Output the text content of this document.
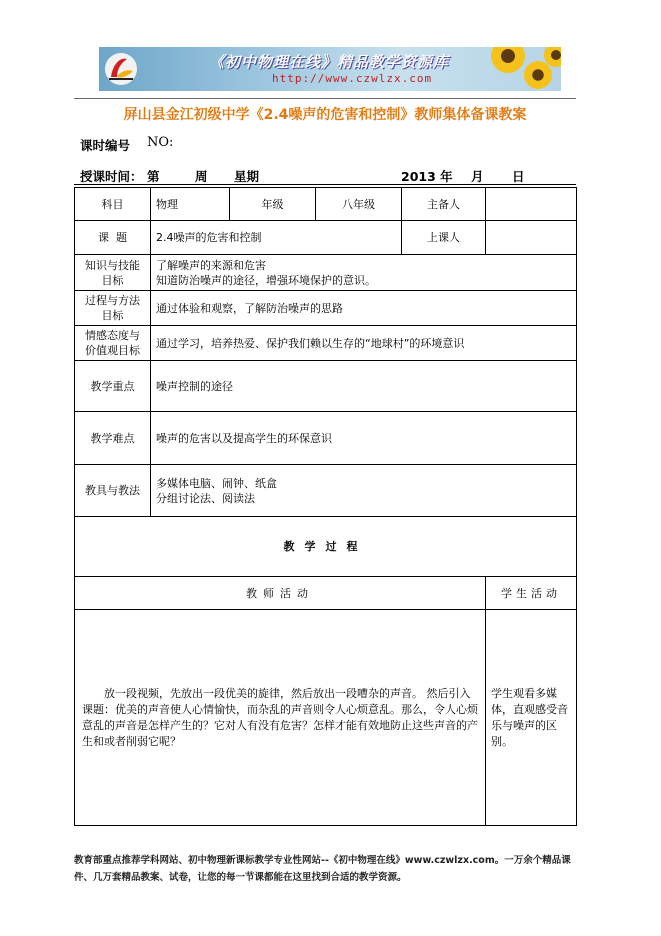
《初中物理在线》精品教学资源库
http://www.czwlzx.com
屏山县金江初级中学《2.4噪声的危害和控制》教师集体备课教案
课时编号 NO:
授课时间： 第	周 星期	2013 年 月 日
科目	物理	年级	八年级	主备人	
课  题	2.4噪声的危害和控制			上课人	
知识与技能目标	了解噪声的来源和危害
知道防治噪声的途径，增强环境保护的意识。				

过程与方法目标	通过体验和观察，了解防治噪声的思路				
情感态度与价值观目标	通过学习，培养热爱、保护我们赖以生存的“地球村”的环境意识				
教学重点	噪声控制的途径				
教学难点	噪声的危害以及提高学生的环保意识				
教具与教法	多媒体电脑、闹钟、纸盒
分组讨论法、阅读法				

教学过程					
教师活动					学生活动

放一段视频，先放出一段优美的旋律，然后放出一段嘈杂的声音。 然后引入课题：优美的声音使人心情愉快，而杂乱的声音则令人心烦意乱。那么，令人心烦意乱的声音是怎样产生的？它对人有没有危害？怎样才能有效地防止这些声音的产生和或者削弱它呢？					学生观看多媒体，直观感受音乐与噪声的区别。
教育部重点推荐学科网站、初中物理新课标教学专业性网站--《初中物理在线》www.czwlzx.com。一万余个精品课件、几万套精品教案、试卷，让您的每一节课都能在这里找到合适的教学资源。
